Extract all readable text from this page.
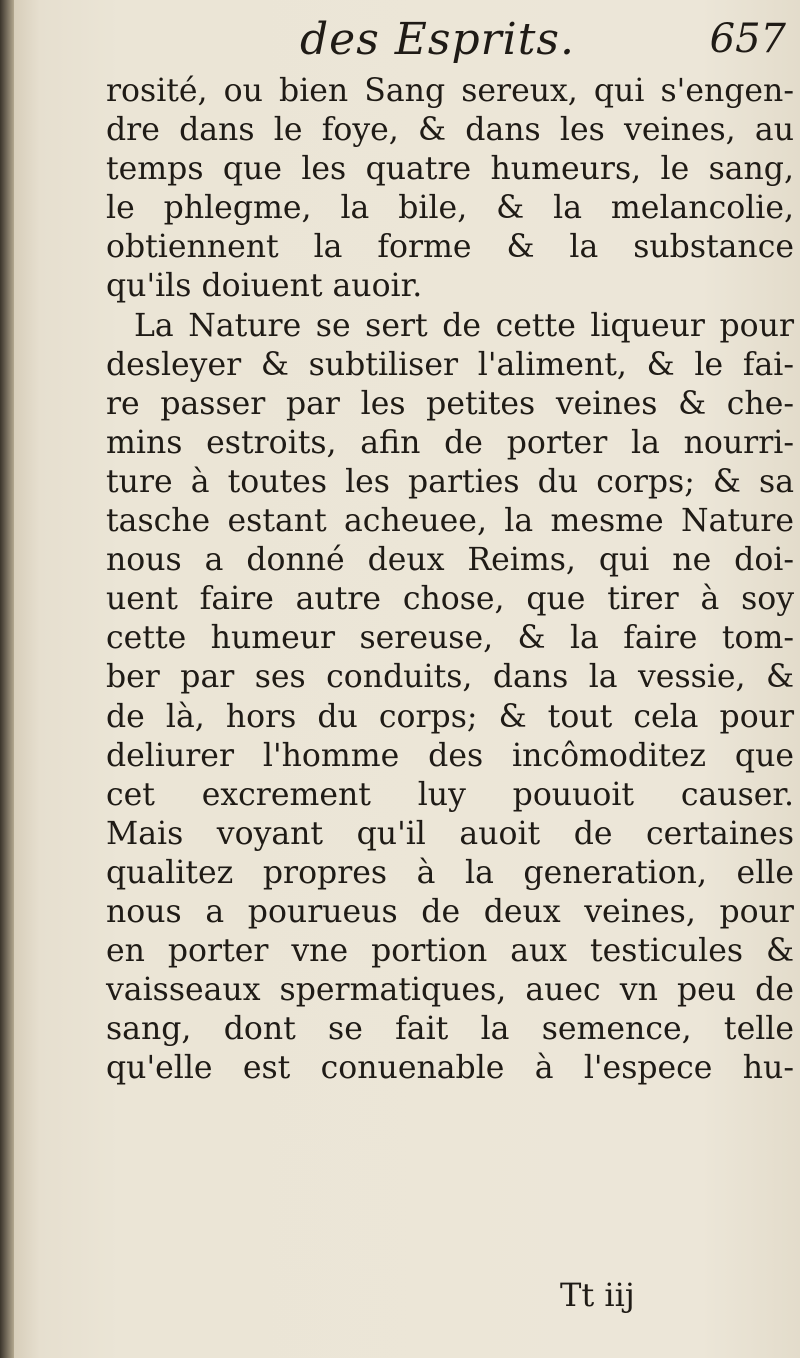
des Esprits.	657
rosité, ou bien Sang sereux, qui s'engen-
dre dans le foye, & dans les veines, au
temps que les quatre humeurs, le sang,
le phlegme, la bile, & la melancolie,
obtiennent la forme & la substance
qu'ils doiuent auoir.
La Nature se sert de cette liqueur pour
desleyer & subtiliser l'aliment, & le fai-
re passer par les petites veines & che-
mins estroits, afin de porter la nourri-
ture à toutes les parties du corps; & sa
tasche estant acheuee, la mesme Nature
nous a donné deux Reims, qui ne doi-
uent faire autre chose, que tirer à soy
cette humeur sereuse, & la faire tom-
ber par ses conduits, dans la vessie, &
de là, hors du corps; & tout cela pour
deliurer l'homme des incômoditez que
cet excrement luy pouuoit causer.
Mais voyant qu'il auoit de certaines
qualitez propres à la generation, elle
nous a pourueus de deux veines, pour
en porter vne portion aux testicules &
vaisseaux spermatiques, auec vn peu de
sang, dont se fait la semence, telle
qu'elle est conuenable à l'espece hu-
Tt iij
